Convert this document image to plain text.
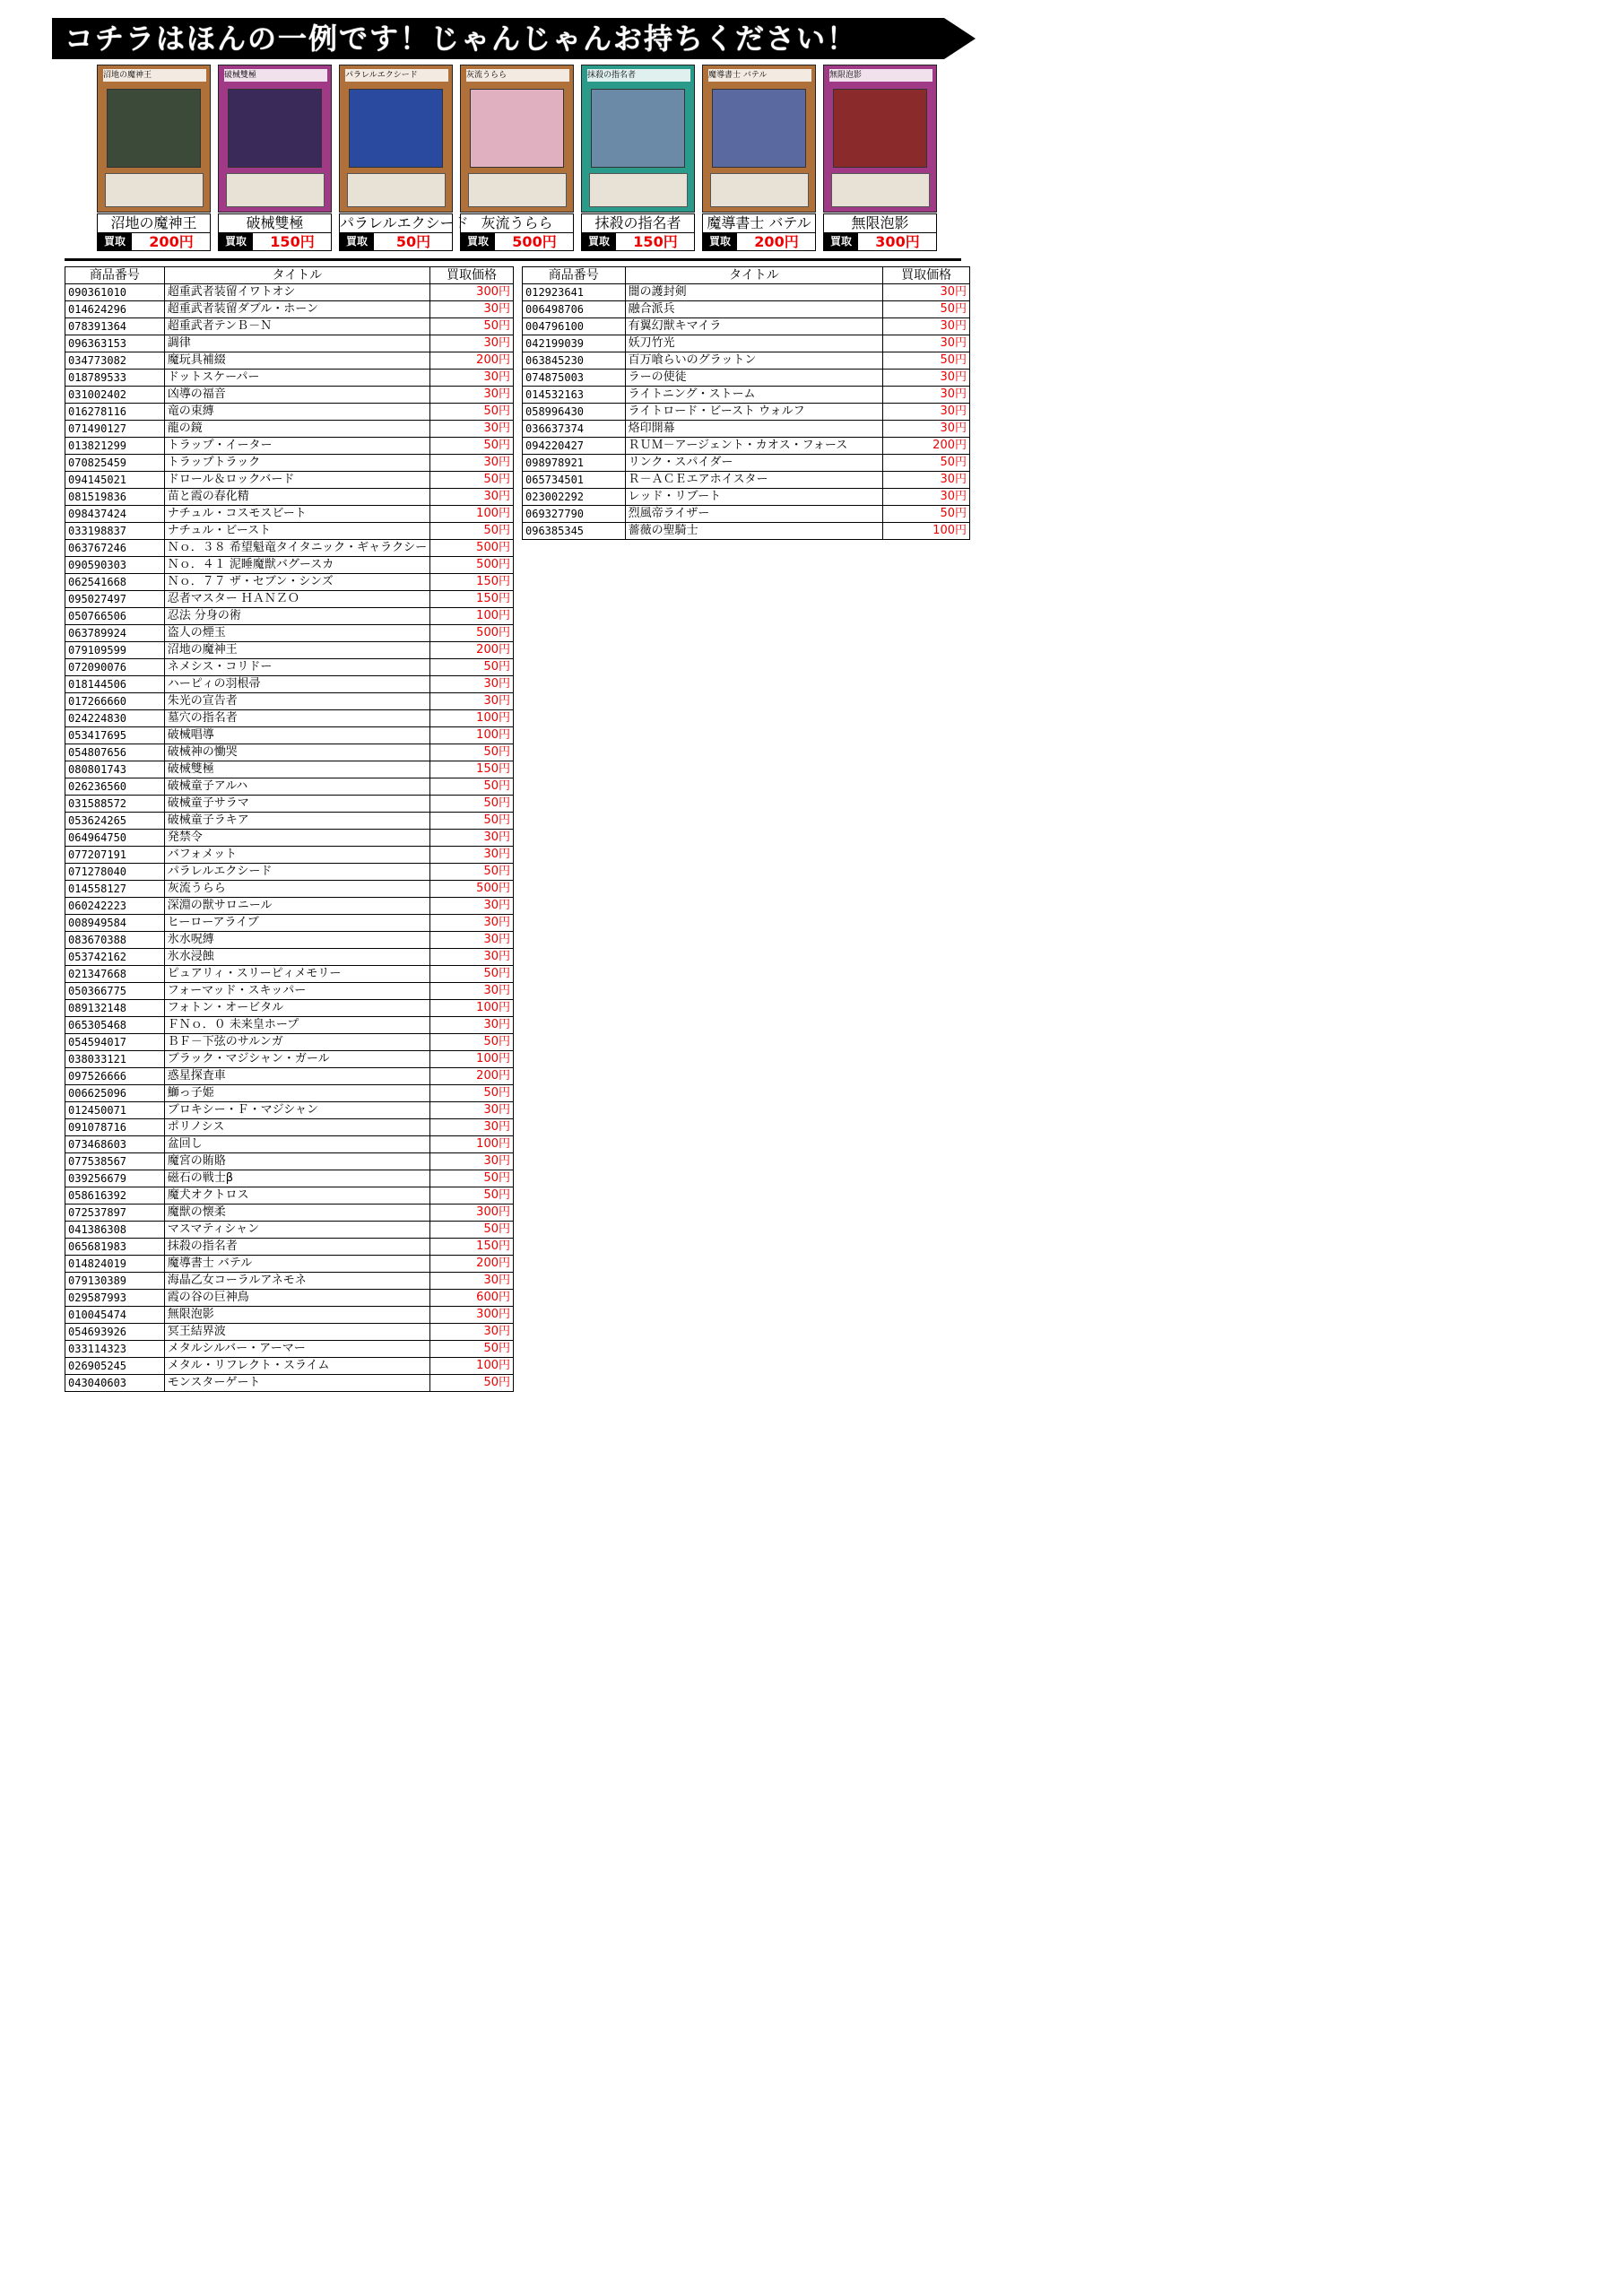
コチラはほんの一例です！じゃんじゃんお持ちください！
沼地の魔神王
沼地の魔神王
買取	200円
破械雙極
破械雙極
買取	150円
パラレルエクシード
パラレルエクシード
買取	50円
灰流うらら
灰流うらら
買取	500円
抹殺の指名者
抹殺の指名者
買取	150円
魔導書士 バテル
魔導書士 バテル
買取	200円
無限泡影
無限泡影
買取	300円
商品番号	タイトル	買取価格
090361010	超重武者装留イワトオシ	300円
014624296	超重武者装留ダブル・ホーン	30円
078391364	超重武者テンＢ－Ｎ	50円
096363153	調律	30円
034773082	魔玩具補綴	200円
018789533	ドットスケーパー	30円
031002402	凶導の福音	30円
016278116	竜の束縛	50円
071490127	龍の鏡	30円
013821299	トラップ・イーター	50円
070825459	トラップトラック	30円
094145021	ドロール＆ロックバード	50円
081519836	苗と霞の春化精	30円
098437424	ナチュル・コスモスビート	100円
033198837	ナチュル・ビースト	50円
063767246	Ｎｏ．３８ 希望魁竜タイタニック・ギャラクシー	500円
090590303	Ｎｏ．４１ 泥睡魔獣バグースカ	500円
062541668	Ｎｏ．７７ ザ・セブン・シンズ	150円
095027497	忍者マスター ＨＡＮＺＯ	150円
050766506	忍法 分身の術	100円
063789924	盗人の煙玉	500円
079109599	沼地の魔神王	200円
072090076	ネメシス・コリドー	50円
018144506	ハーピィの羽根帚	30円
017266660	朱光の宣告者	30円
024224830	墓穴の指名者	100円
053417695	破械唱導	100円
054807656	破械神の慟哭	50円
080801743	破械雙極	150円
026236560	破械童子アルハ	50円
031588572	破械童子サラマ	50円
053624265	破械童子ラキア	50円
064964750	発禁令	30円
077207191	バフォメット	30円
071278040	パラレルエクシード	50円
014558127	灰流うらら	500円
060242223	深淵の獣サロニール	30円
008949584	ヒーローアライブ	30円
083670388	氷水呪縛	30円
053742162	氷水浸蝕	30円
021347668	ピュアリィ・スリーピィメモリー	50円
050366775	フォーマッド・スキッパー	30円
089132148	フォトン・オービタル	100円
065305468	ＦＮｏ．０ 未来皇ホープ	30円
054594017	ＢＦ－下弦のサルンガ	50円
038033121	ブラック・マジシャン・ガール	100円
097526666	惑星探査車	200円
006625096	鰤っ子姫	50円
012450071	ブロキシー・Ｆ・マジシャン	30円
091078716	ポリノシス	30円
073468603	盆回し	100円
077538567	魔宮の賄賂	30円
039256679	磁石の戦士β	50円
058616392	魔犬オクトロス	50円
072537897	魔獣の懐柔	300円
041386308	マスマティシャン	50円
065681983	抹殺の指名者	150円
014824019	魔導書士 バテル	200円
079130389	海晶乙女コーラルアネモネ	30円
029587993	霞の谷の巨神鳥	600円
010045474	無限泡影	300円
054693926	冥王結界波	30円
033114323	メタルシルバー・アーマー	50円
026905245	メタル・リフレクト・スライム	100円
043040603	モンスターゲート	50円
商品番号	タイトル	買取価格
012923641	闇の護封剣	30円
006498706	融合派兵	50円
004796100	有翼幻獣キマイラ	30円
042199039	妖刀竹光	30円
063845230	百万喰らいのグラットン	50円
074875003	ラーの使徒	30円
014532163	ライトニング・ストーム	30円
058996430	ライトロード・ビースト ウォルフ	30円
036637374	烙印開幕	30円
094220427	ＲＵＭ－アージェント・カオス・フォース	200円
098978921	リンク・スパイダー	50円
065734501	Ｒ－ＡＣＥエアホイスター	30円
023002292	レッド・リブート	30円
069327790	烈風帝ライザー	50円
096385345	薔薇の聖騎士	100円
